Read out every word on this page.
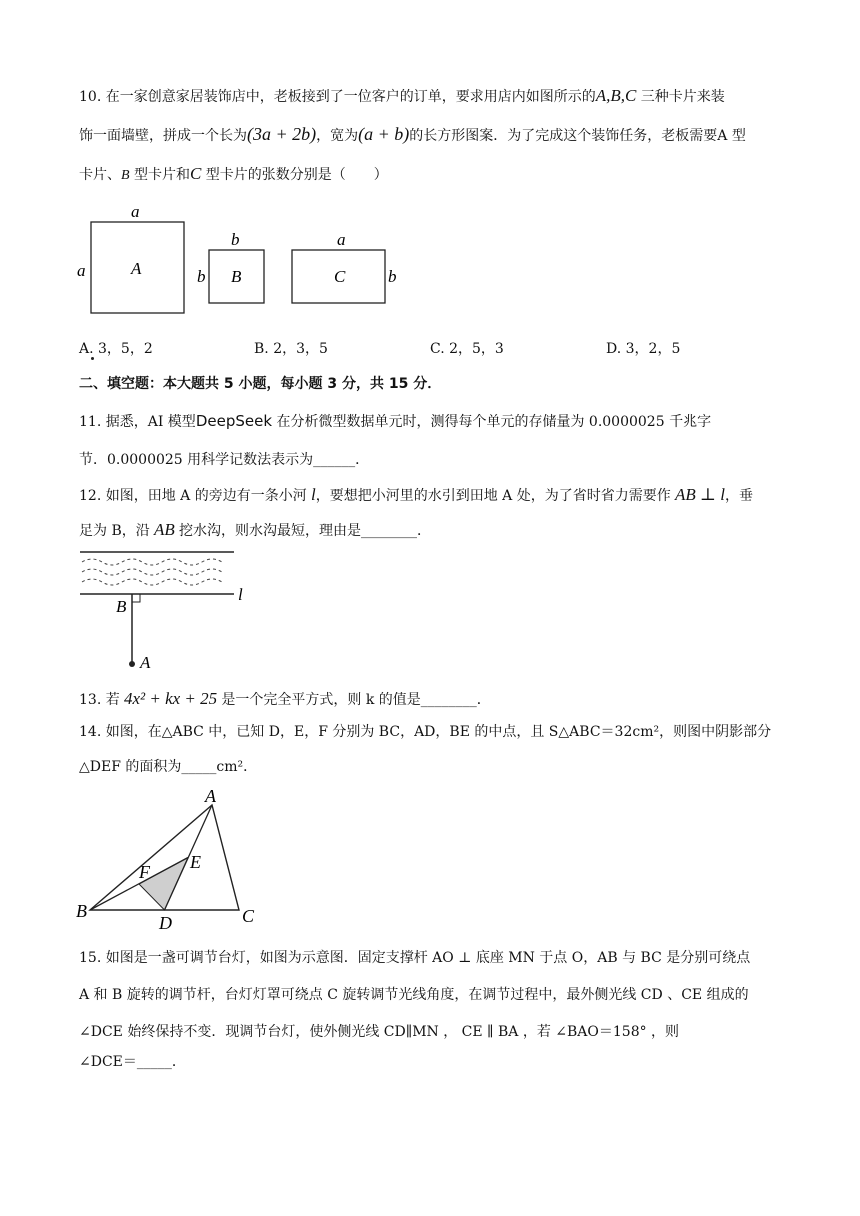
10. 在一家创意家居装饰店中，老板接到了一位客户的订单，要求用店内如图所示的A,B,C 三种卡片来装
饰一面墙壁，拼成一个长为(3a + 2b)，宽为(a + b)的长方形图案．为了完成这个装饰任务，老板需要A 型
卡片、B 型卡片和C 型卡片的张数分别是（　　）
a
a	A
b
b B
a
b
C
A. 3，5，2	B. 2，3，5	C. 2，5，3	D. 3，2，5
二、填空题：本大题共 5 小题，每小题 3 分，共 15 分．
11. 据悉，AI 模型DeepSeek 在分析微型数据单元时，测得每个单元的存储量为 0.0000025 千兆字
节．0.0000025 用科学记数法表示为______．
12. 如图，田地 A 的旁边有一条小河 l，要想把小河里的水引到田地 A 处，为了省时省力需要作 AB ⊥ l，垂
足为 B，沿 AB 挖水沟，则水沟最短，理由是________．
B
l
A
13. 若 4x² + kx + 25 是一个完全平方式，则 k 的值是________．
14. 如图，在△ABC 中，已知 D，E，F 分别为 BC，AD，BE 的中点，且 S△ABC＝32cm²，则图中阴影部分
△DEF 的面积为_____cm²．
A
B	C
D
E
F
15. 如图是一盏可调节台灯，如图为示意图．固定支撑杆 AO ⊥ 底座 MN 于点 O，AB 与 BC 是分别可绕点
A 和 B 旋转的调节杆，台灯灯罩可绕点 C 旋转调节光线角度，在调节过程中，最外侧光线 CD 、CE 组成的
∠DCE 始终保持不变．现调节台灯，使外侧光线 CD∥MN ， CE ∥ BA ，若 ∠BAO＝158° ，则
∠DCE＝_____．
